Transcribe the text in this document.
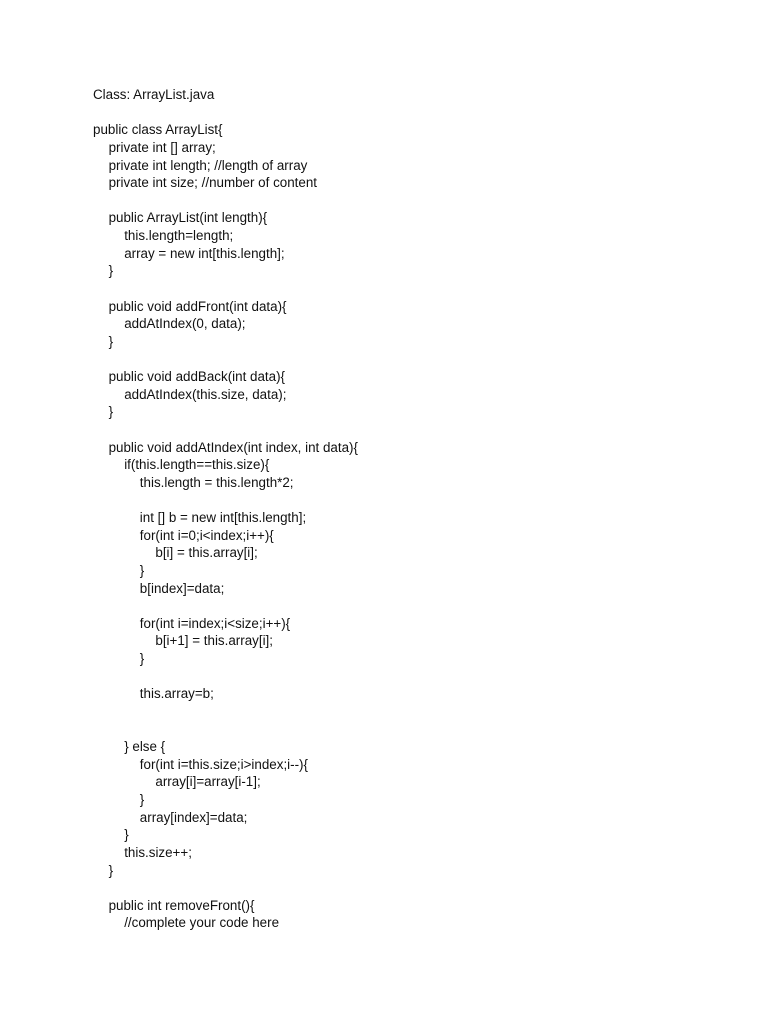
Class: ArrayList.java
public class ArrayList{
private int [] array;
private int length; //length of array
private int size; //number of content
public ArrayList(int length){
this.length=length;
array = new int[this.length];
}
public void addFront(int data){
addAtIndex(0, data);
}
public void addBack(int data){
addAtIndex(this.size, data);
}
public void addAtIndex(int index, int data){
if(this.length==this.size){
this.length = this.length*2;
int [] b = new int[this.length];
for(int i=0;i<index;i++){
b[i] = this.array[i];
}
b[index]=data;
for(int i=index;i<size;i++){
b[i+1] = this.array[i];
}
this.array=b;
} else {
for(int i=this.size;i>index;i--){
array[i]=array[i-1];
}
array[index]=data;
}
this.size++;
}
public int removeFront(){
//complete your code here
